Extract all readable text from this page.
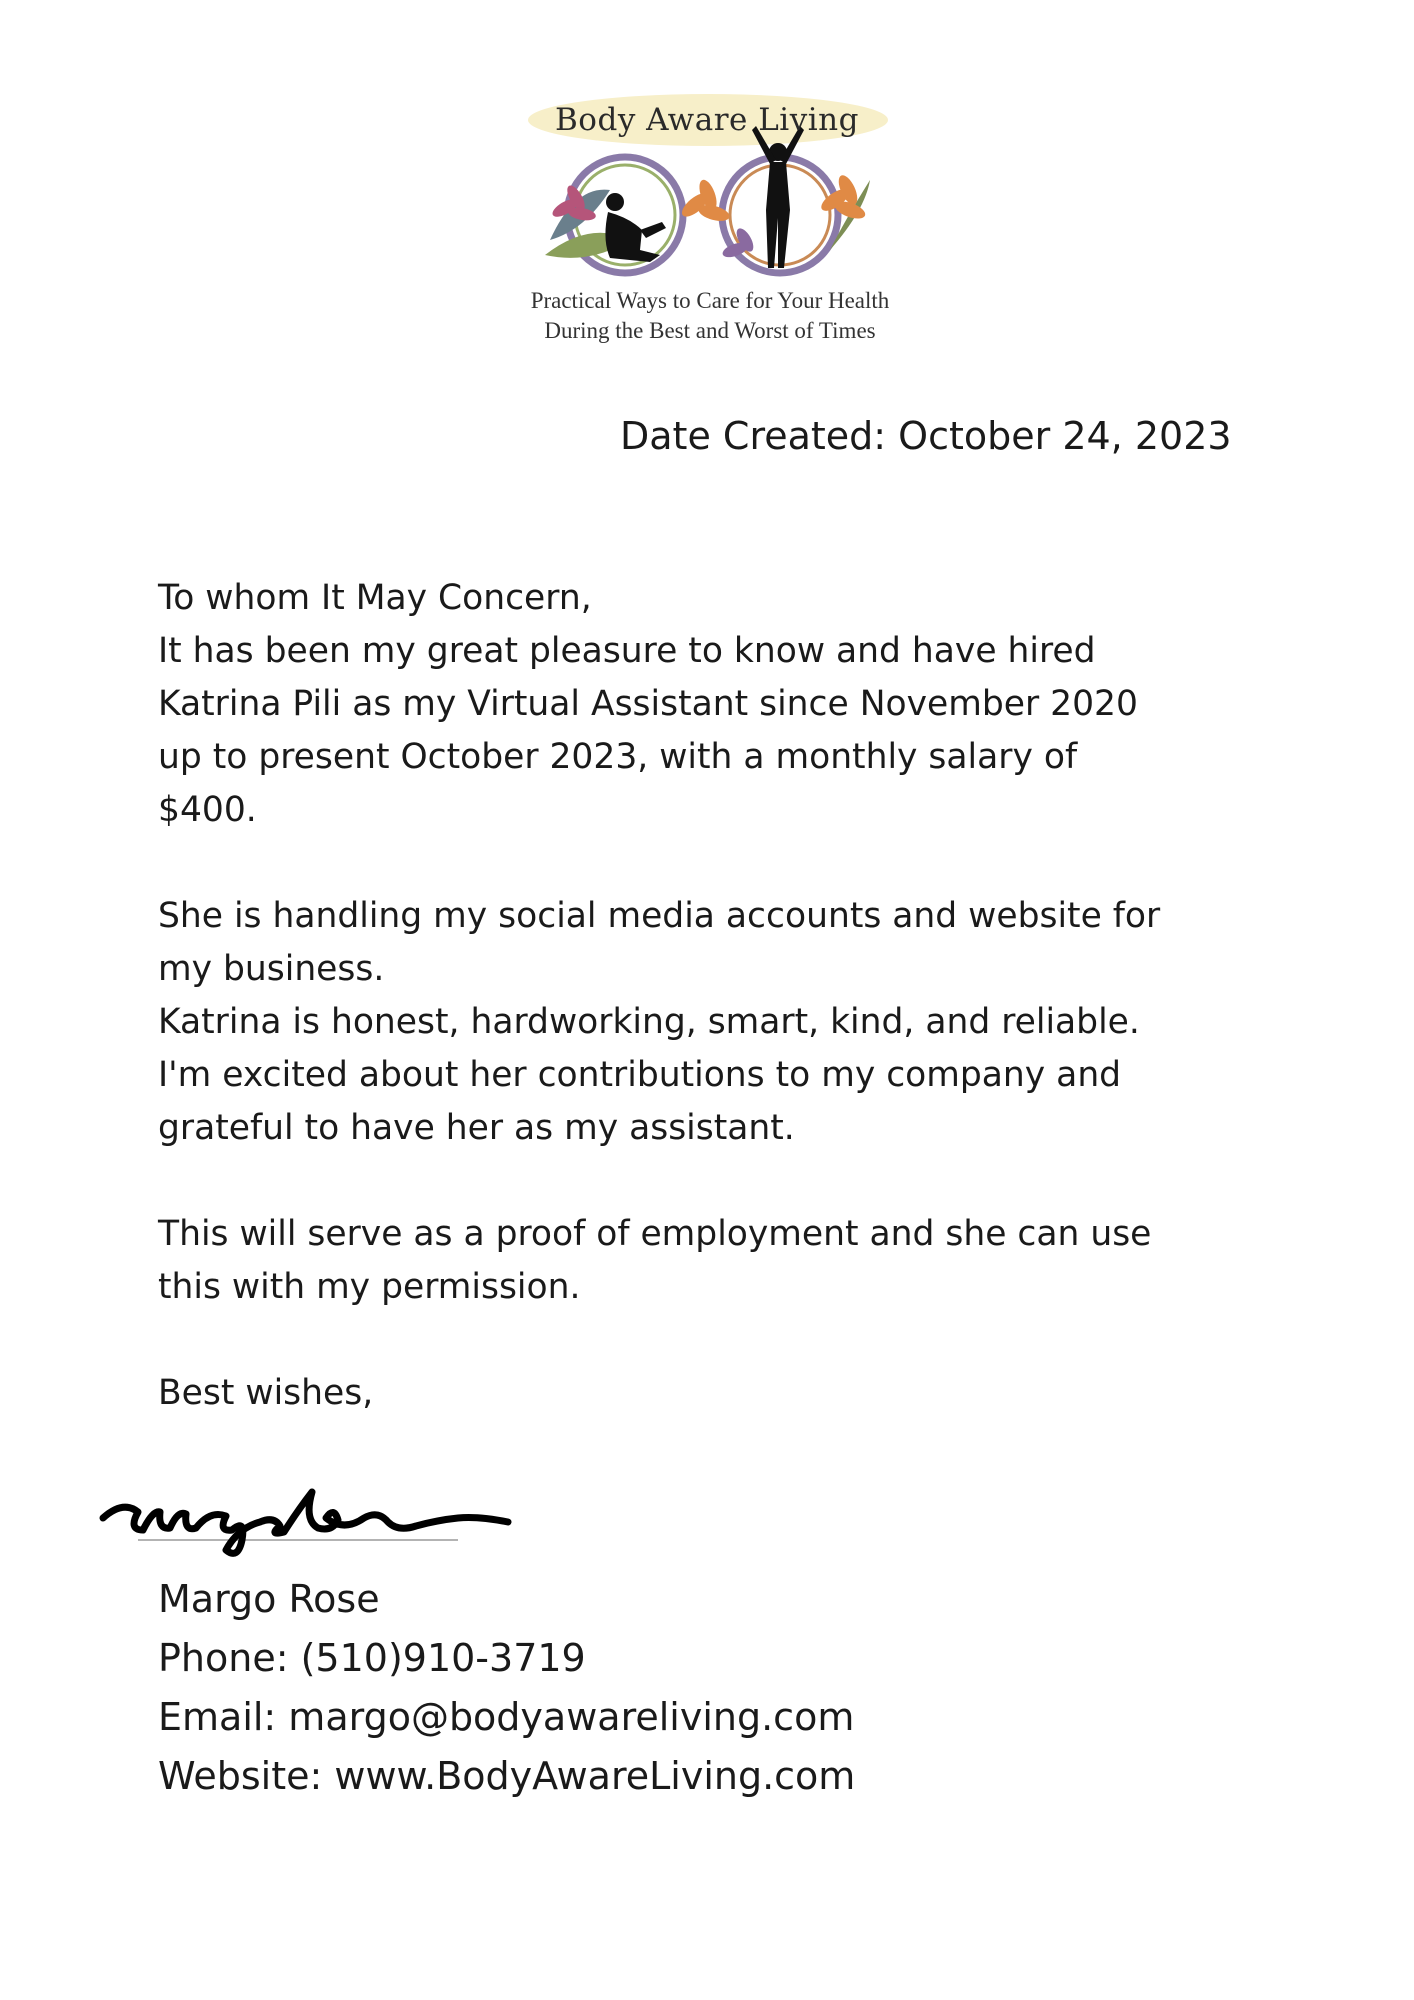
Body Aware Living
Practical Ways to Care for Your Health
During the Best and Worst of Times
Date Created: October 24, 2023
To whom It May Concern,
It has been my great pleasure to know and have hired
Katrina Pili as my Virtual Assistant since November 2020
up to present October 2023, with a monthly salary of
$400.
She is handling my social media accounts and website for
my business.
Katrina is honest, hardworking, smart, kind, and reliable.
I'm excited about her contributions to my company and
grateful to have her as my assistant.
This will serve as a proof of employment and she can use
this with my permission.
Best wishes,
Margo Rose
Phone: (510)910-3719
Email: margo@bodyawareliving.com
Website: www.BodyAwareLiving.com
